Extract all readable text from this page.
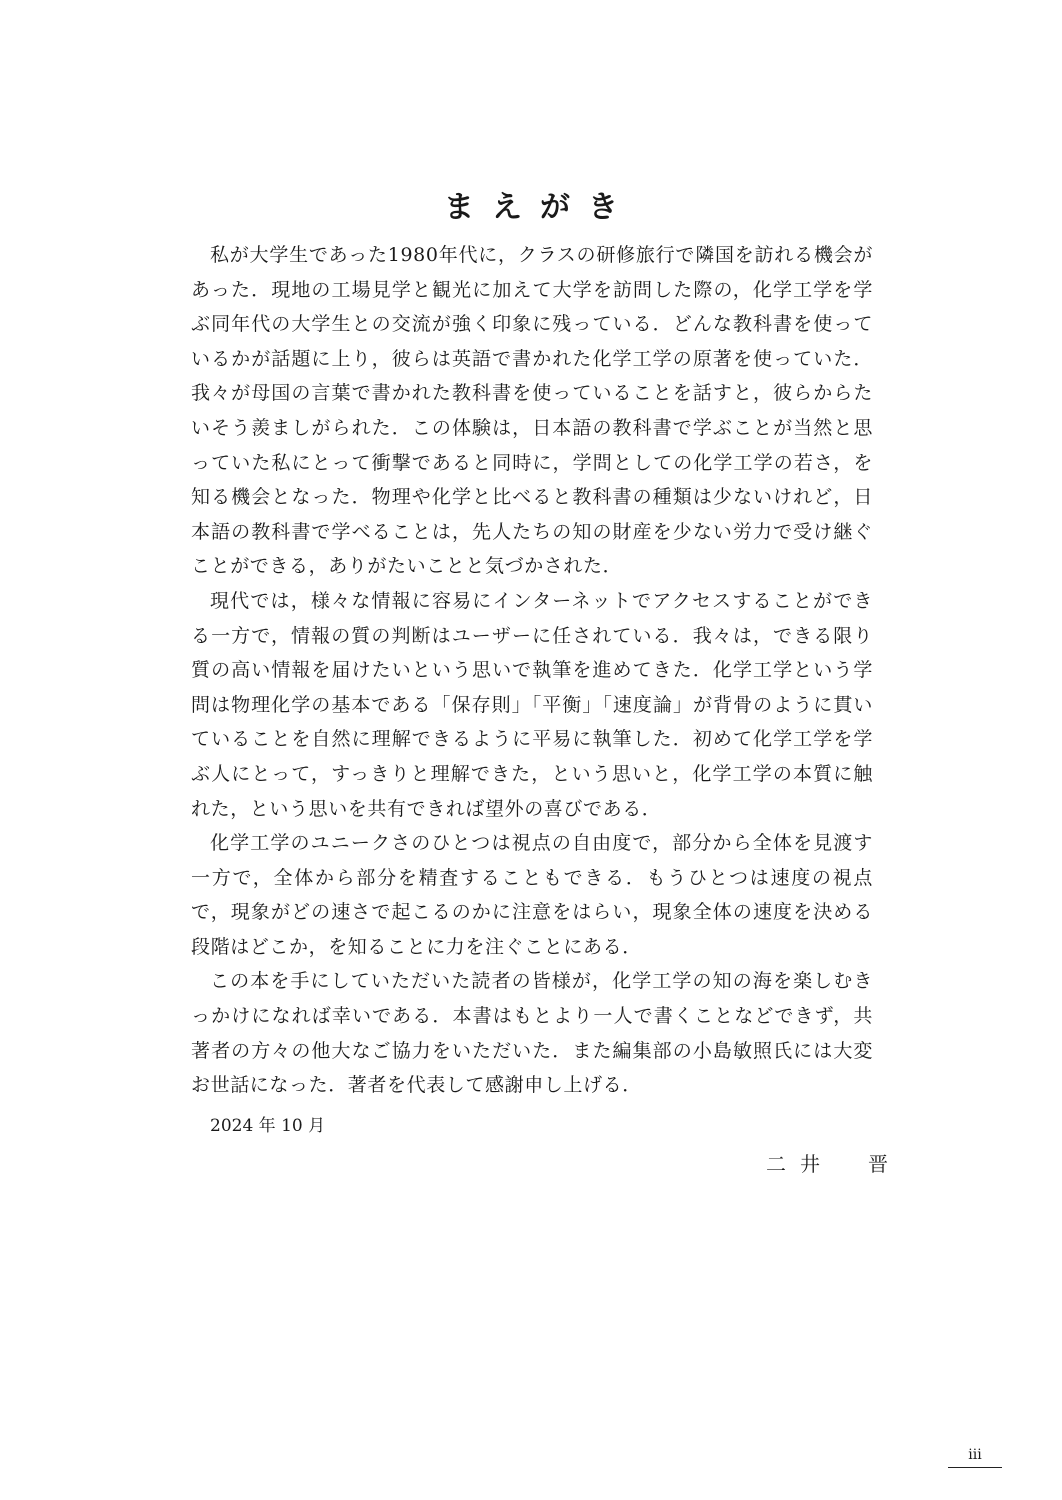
まえがき

私が大学生であった1980年代に，クラスの研修旅行で隣国を訪れる機会があった．現地の工場見学と観光に加えて大学を訪問した際の，化学工学を学ぶ同年代の大学生との交流が強く印象に残っている．どんな教科書を使っているかが話題に上り，彼らは英語で書かれた化学工学の原著を使っていた．我々が母国の言葉で書かれた教科書を使っていることを話すと，彼らからたいそう羨ましがられた．この体験は，日本語の教科書で学ぶことが当然と思っていた私にとって衝撃であると同時に，学問としての化学工学の若さ，を知る機会となった．物理や化学と比べると教科書の種類は少ないけれど，日本語の教科書で学べることは，先人たちの知の財産を少ない労力で受け継ぐことができる，ありがたいことと気づかされた．

現代では，様々な情報に容易にインターネットでアクセスすることができる一方で，情報の質の判断はユーザーに任されている．我々は，できる限り質の高い情報を届けたいという思いで執筆を進めてきた．化学工学という学問は物理化学の基本である「保存則」「平衡」「速度論」が背骨のように貫いていることを自然に理解できるように平易に執筆した．初めて化学工学を学ぶ人にとって，すっきりと理解できた，という思いと，化学工学の本質に触れた，という思いを共有できれば望外の喜びである．

化学工学のユニークさのひとつは視点の自由度で，部分から全体を見渡す一方で，全体から部分を精査することもできる．もうひとつは速度の視点で，現象がどの速さで起こるのかに注意をはらい，現象全体の速度を決める段階はどこか，を知ることに力を注ぐことにある．

この本を手にしていただいた読者の皆様が，化学工学の知の海を楽しむきっかけになれば幸いである．本書はもとより一人で書くことなどできず，共著者の方々の他大なご協力をいただいた．また編集部の小島敏照氏には大変お世話になった．著者を代表して感謝申し上げる．

2024 年 10 月
二井　晋
iii
